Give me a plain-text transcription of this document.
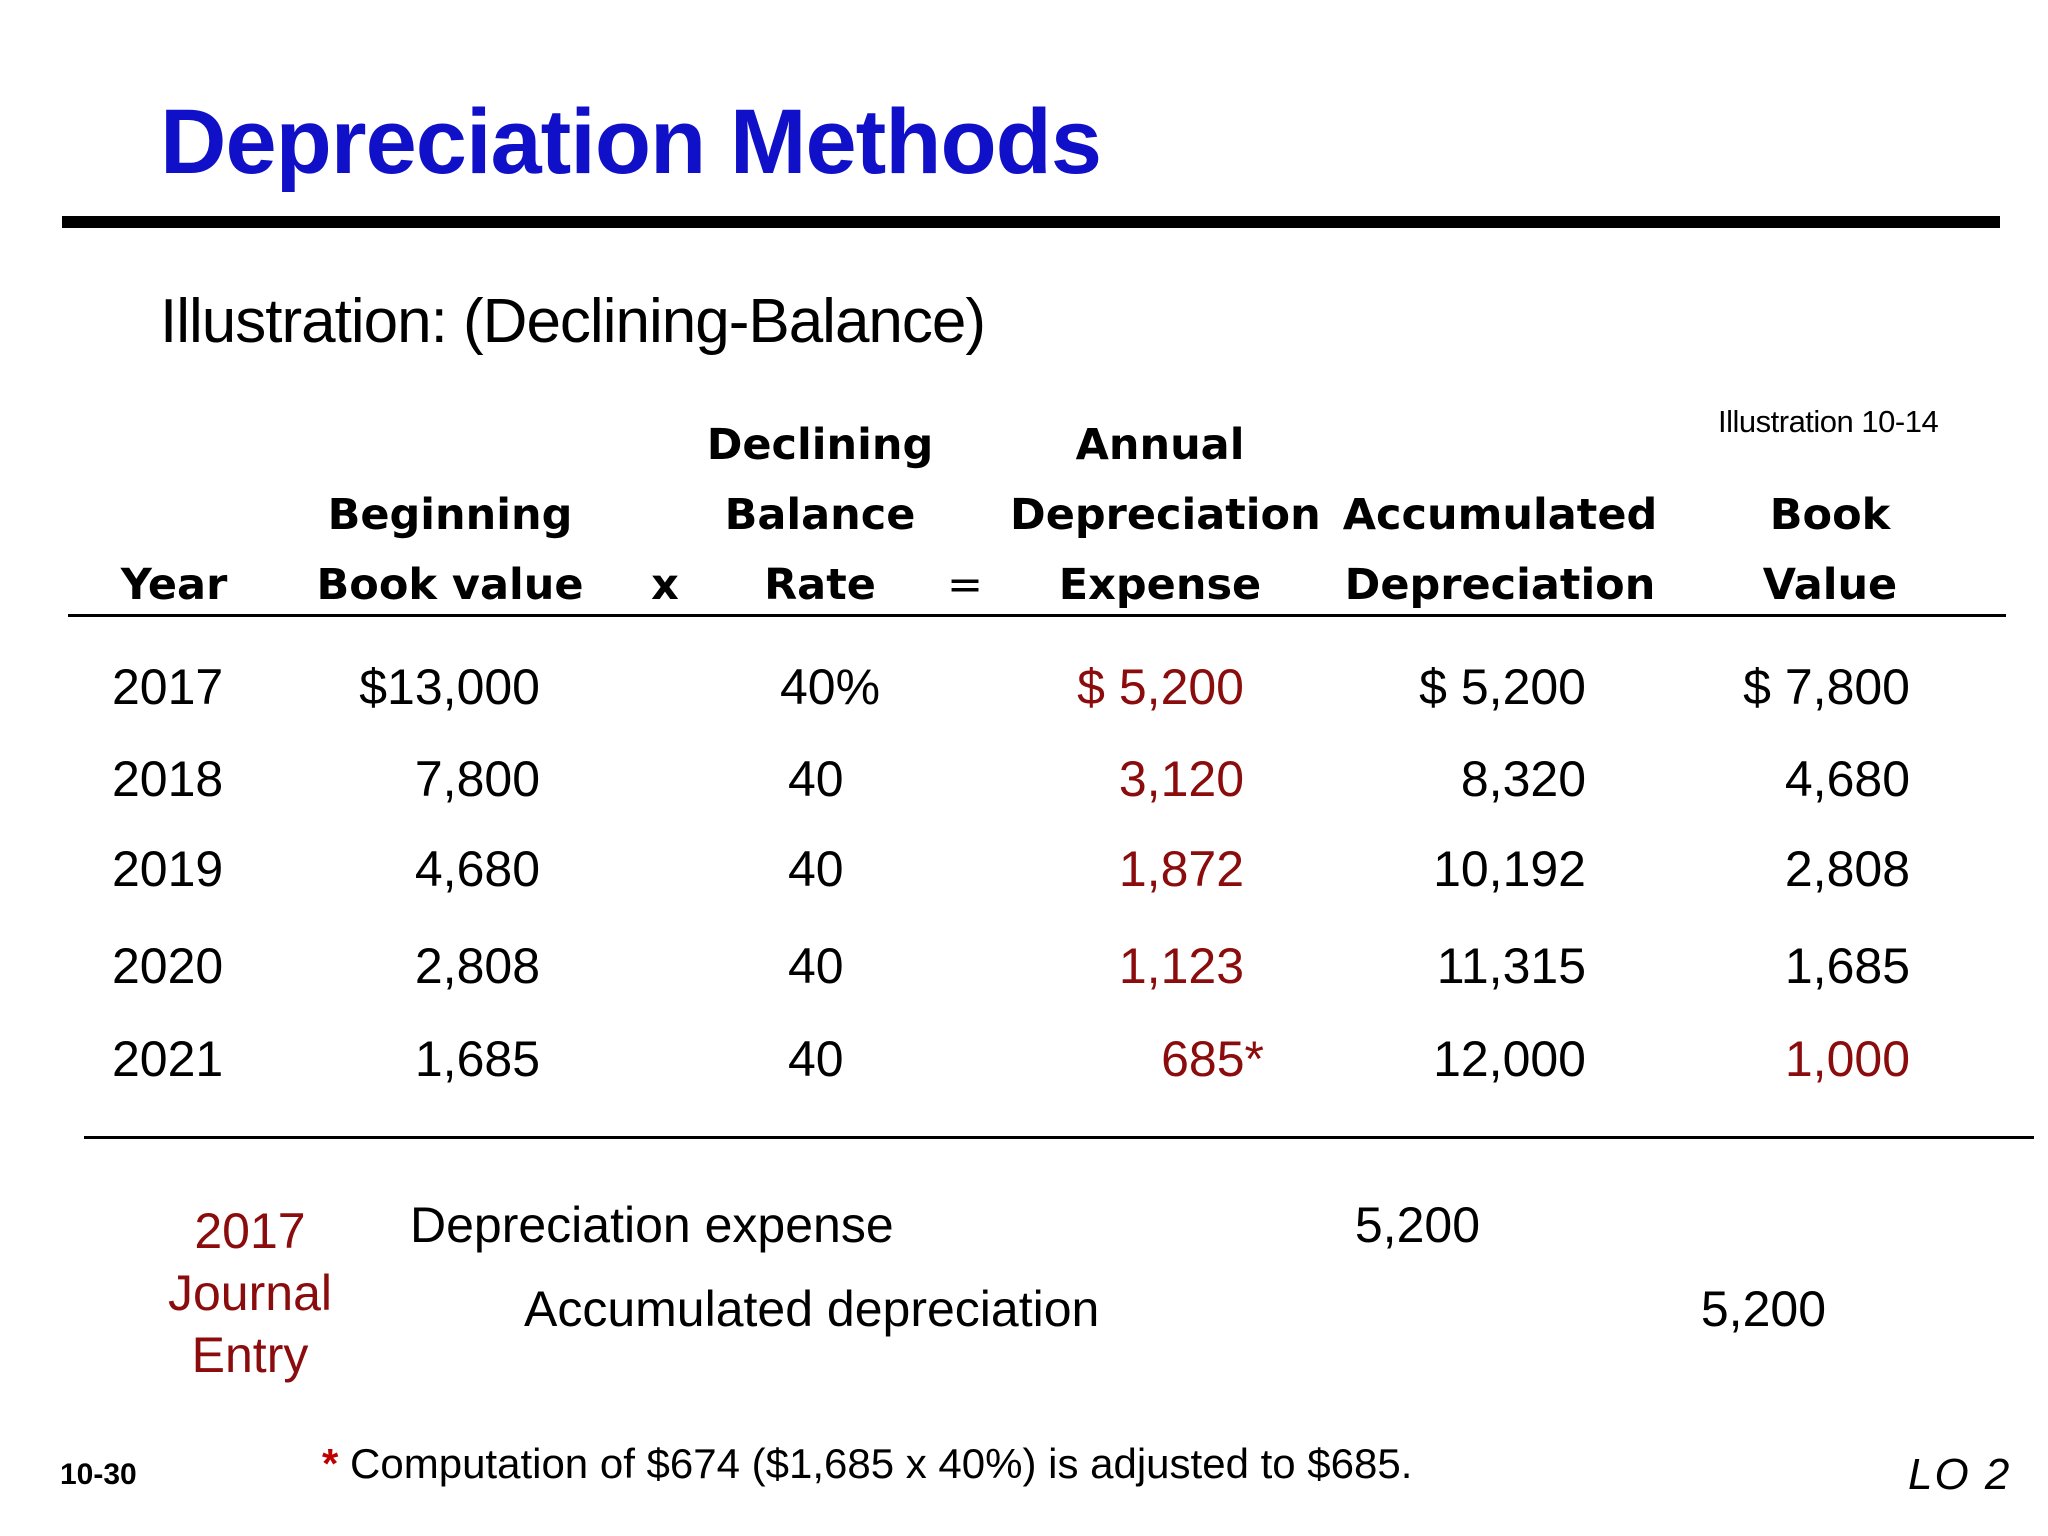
Depreciation Methods
Illustration: (Declining-Balance)
Illustration 10-14
Year
Beginning
Book value	x
Declining
Balance
Rate	=
Annual
Depreciation
Expense
Accumulated
Depreciation
Book
Value
2017	$13,000	40%	$ 5,200	$ 5,200	$ 7,800
2018	7,800	40	3,120	8,320	4,680
2019	4,680	40	1,872	10,192	2,808
2020	2,808	40	1,123	11,315	1,685
2021	1,685	40	685*	12,000	1,000
2017
Journal
Entry
Depreciation expense	5,200
Accumulated depreciation	5,200
10-30	* Computation of $674 ($1,685 x 40%) is adjusted to $685.	LO 2
